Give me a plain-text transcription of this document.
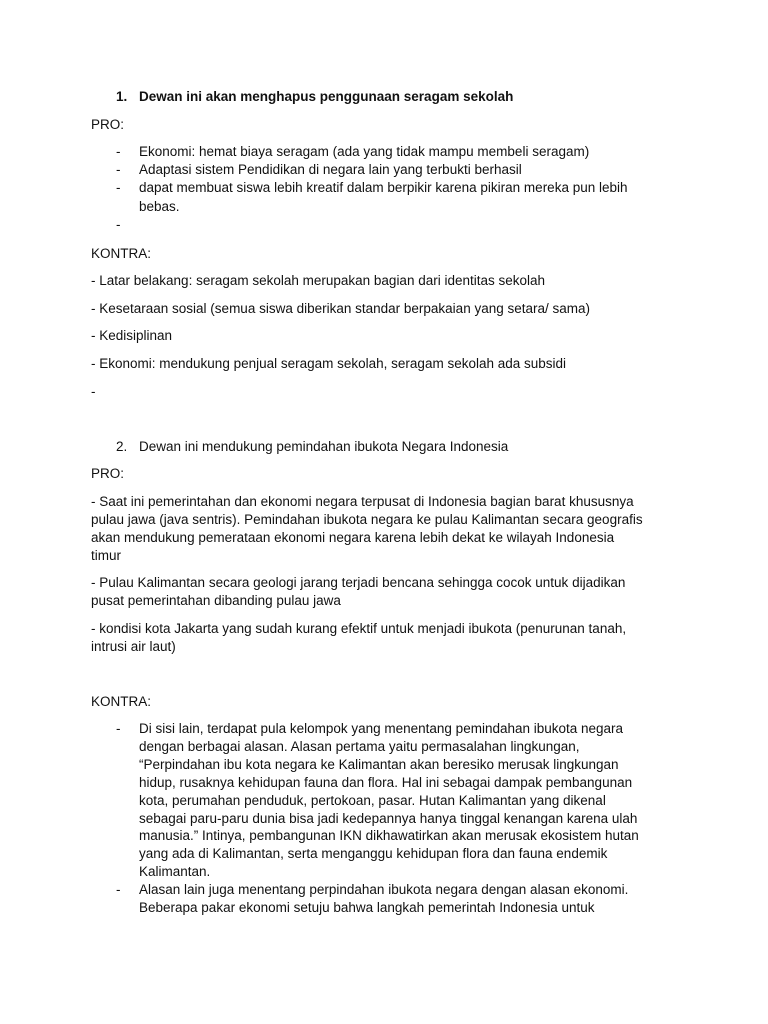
1. Dewan ini akan menghapus penggunaan seragam sekolah

PRO:

- Ekonomi: hemat biaya seragam (ada yang tidak mampu membeli seragam)

- Adaptasi sistem Pendidikan di negara lain yang terbukti berhasil

- dapat membuat siswa lebih kreatif dalam berpikir karena pikiran mereka pun lebih

bebas.

-

KONTRA:

- Latar belakang: seragam sekolah merupakan bagian dari identitas sekolah

- Kesetaraan sosial (semua siswa diberikan standar berpakaian yang setara/ sama)

- Kedisiplinan

- Ekonomi: mendukung penjual seragam sekolah, seragam sekolah ada subsidi

-

2. Dewan ini mendukung pemindahan ibukota Negara Indonesia

PRO:

- Saat ini pemerintahan dan ekonomi negara terpusat di Indonesia bagian barat khususnya

pulau jawa (java sentris). Pemindahan ibukota negara ke pulau Kalimantan secara geografis

akan mendukung pemerataan ekonomi negara karena lebih dekat ke wilayah Indonesia

timur

- Pulau Kalimantan secara geologi jarang terjadi bencana sehingga cocok untuk dijadikan

pusat pemerintahan dibanding pulau jawa

- kondisi kota Jakarta yang sudah kurang efektif untuk menjadi ibukota (penurunan tanah,

intrusi air laut)

KONTRA:

- Di sisi lain, terdapat pula kelompok yang menentang pemindahan ibukota negara

dengan berbagai alasan. Alasan pertama yaitu permasalahan lingkungan,

“Perpindahan ibu kota negara ke Kalimantan akan beresiko merusak lingkungan

hidup, rusaknya kehidupan fauna dan flora. Hal ini sebagai dampak pembangunan

kota, perumahan penduduk, pertokoan, pasar. Hutan Kalimantan yang dikenal

sebagai paru-paru dunia bisa jadi kedepannya hanya tinggal kenangan karena ulah

manusia.” Intinya, pembangunan IKN dikhawatirkan akan merusak ekosistem hutan

yang ada di Kalimantan, serta menganggu kehidupan flora dan fauna endemik

Kalimantan.

- Alasan lain juga menentang perpindahan ibukota negara dengan alasan ekonomi.

Beberapa pakar ekonomi setuju bahwa langkah pemerintah Indonesia untuk
